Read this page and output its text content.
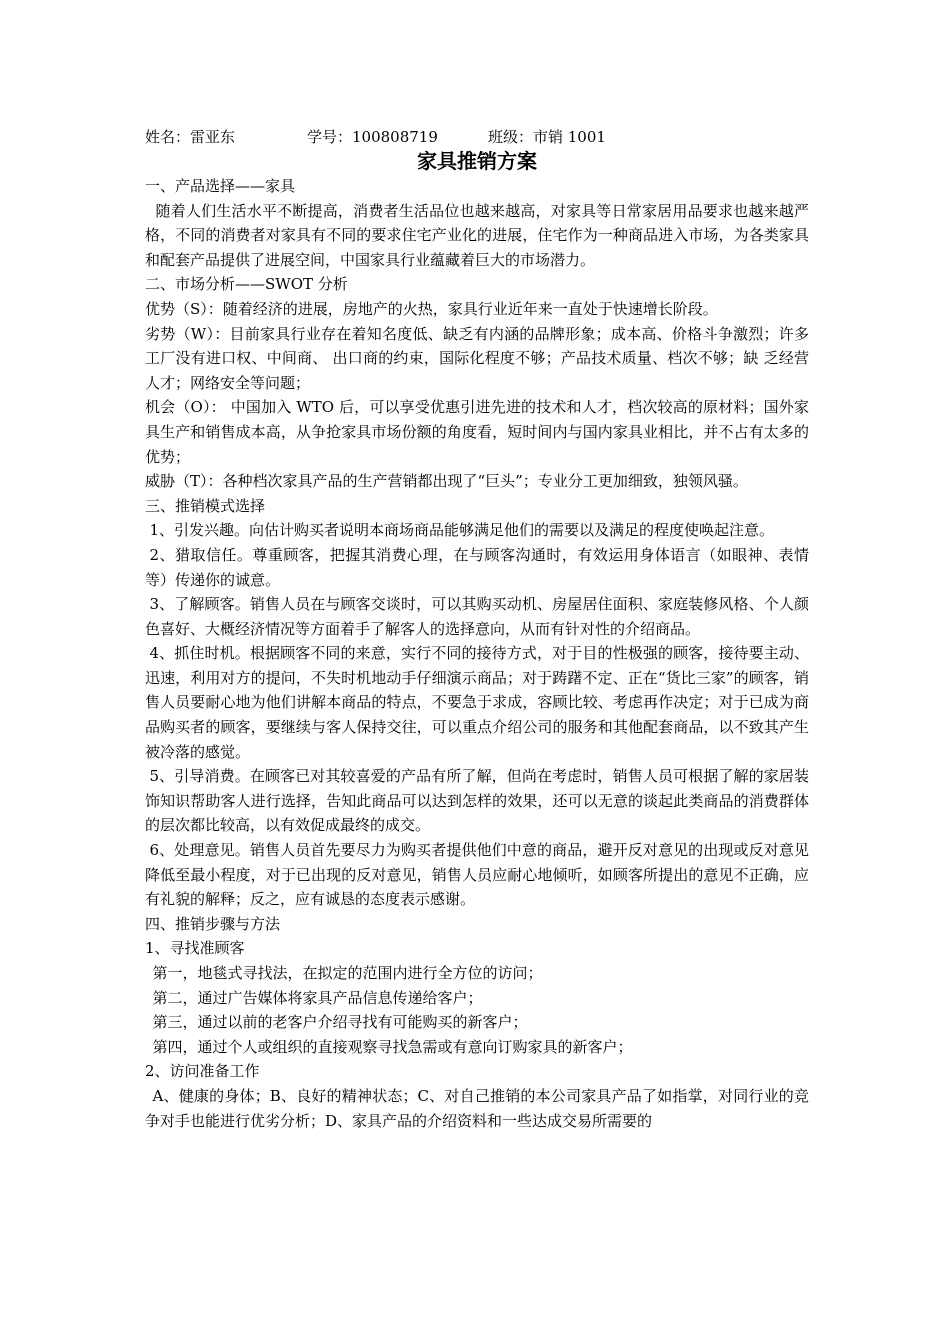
姓名：雷亚东

	学号：100808719

	班级：市销 1001

家具推销方案

一、产品选择——家具

随着人们生活水平不断提高，消费者生活品位也越来越高，对家具等日常家居用品要求也越来越严格，不同的消费者对家具有不同的要求住宅产业化的进展，住宅作为一种商品进入市场，为各类家具和配套产品提供了进展空间，中国家具行业蕴藏着巨大的市场潜力。

二、市场分析——SWOT 分析

优势（S）：随着经济的进展，房地产的火热，家具行业近年来一直处于快速增长阶段。

劣势（W）：目前家具行业存在着知名度低、缺乏有内涵的品牌形象；成本高、价格斗争激烈；许多工厂没有进口权、中间商、 出口商的约束，国际化程度不够；产品技术质量、档次不够；缺 乏经营人才；网络安全等问题；

机会（O）： 中国加入 WTO 后，可以享受优惠引进先进的技术和人才，档次较高的原材料；国外家具生产和销售成本高，从争抢家具市场份额的角度看，短时间内与国内家具业相比，并不占有太多的优势；

威胁（T）：各种档次家具产品的生产营销都出现了“巨头”；专业分工更加细致，独领风骚。

三、推销模式选择

1、引发兴趣。向估计购买者说明本商场商品能够满足他们的需要以及满足的程度使唤起注意。

2、猎取信任。尊重顾客，把握其消费心理，在与顾客沟通时，有效运用身体语言（如眼神、表情等）传递你的诚意。

3、了解顾客。销售人员在与顾客交谈时，可以其购买动机、房屋居住面积、家庭装修风格、个人颜色喜好、大概经济情况等方面着手了解客人的选择意向，从而有针对性的介绍商品。

4、抓住时机。根据顾客不同的来意，实行不同的接待方式，对于目的性极强的顾客，接待要主动、迅速，利用对方的提问，不失时机地动手仔细演示商品；对于踌躇不定、正在“货比三家”的顾客，销售人员要耐心地为他们讲解本商品的特点，不要急于求成，容顾比较、考虑再作决定；对于已成为商品购买者的顾客，要继续与客人保持交往，可以重点介绍公司的服务和其他配套商品，以不致其产生被冷落的感觉。

5、引导消费。在顾客已对其较喜爱的产品有所了解，但尚在考虑时，销售人员可根据了解的家居装饰知识帮助客人进行选择，告知此商品可以达到怎样的效果，还可以无意的谈起此类商品的消费群体的层次都比较高，以有效促成最终的成交。

6、处理意见。销售人员首先要尽力为购买者提供他们中意的商品，避开反对意见的出现或反对意见降低至最小程度，对于已出现的反对意见，销售人员应耐心地倾听，如顾客所提出的意见不正确，应有礼貌的解释；反之，应有诚恳的态度表示感谢。

四、推销步骤与方法

1、寻找准顾客

第一，地毯式寻找法，在拟定的范围内进行全方位的访问；

第二，通过广告媒体将家具产品信息传递给客户；

第三，通过以前的老客户介绍寻找有可能购买的新客户；

第四，通过个人或组织的直接观察寻找急需或有意向订购家具的新客户；

2、访问准备工作

A、健康的身体；B、良好的精神状态；C、对自己推销的本公司家具产品了如指掌，对同行业的竞争对手也能进行优劣分析；D、家具产品的介绍资料和一些达成交易所需要的
